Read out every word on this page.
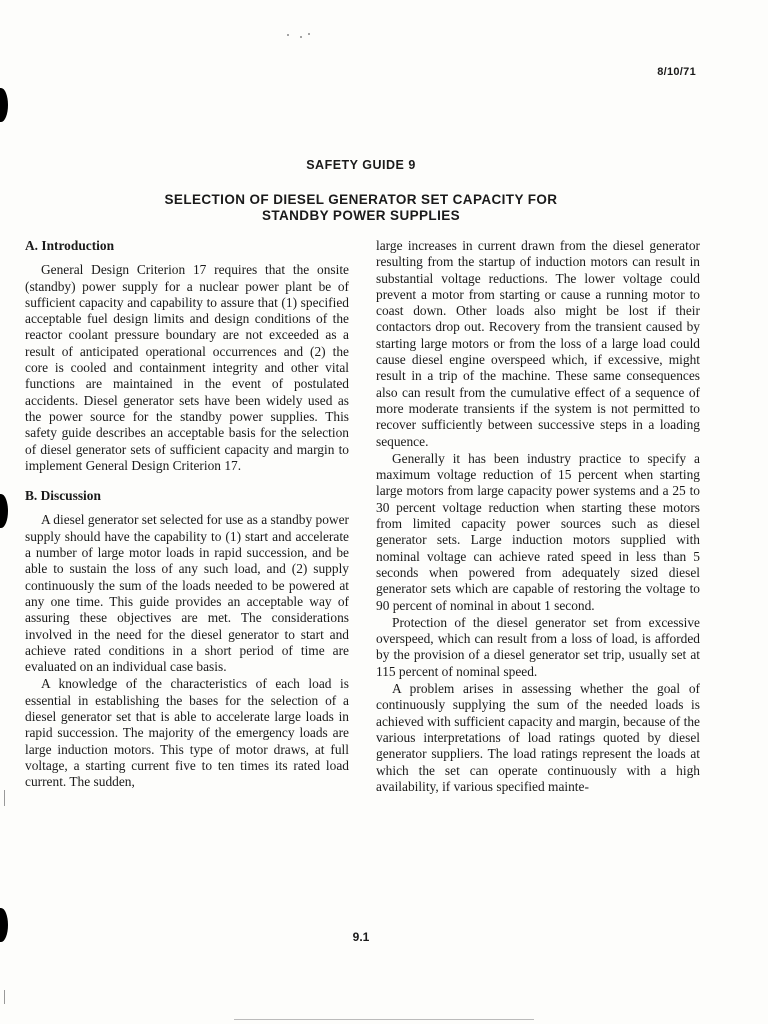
8/10/71
SAFETY GUIDE 9
SELECTION OF DIESEL GENERATOR SET CAPACITY FOR
STANDBY POWER SUPPLIES
A. Introduction

General Design Criterion 17 requires that the onsite (standby) power supply for a nuclear power plant be of sufficient capacity and capability to assure that (1) specified acceptable fuel design limits and design conditions of the reactor coolant pressure boundary are not exceeded as a result of anticipated operational occurrences and (2) the core is cooled and containment integrity and other vital functions are maintained in the event of postulated accidents. Diesel generator sets have been widely used as the power source for the standby power supplies. This safety guide describes an acceptable basis for the selection of diesel generator sets of sufficient capacity and margin to implement General Design Criterion 17.

B. Discussion

A diesel generator set selected for use as a standby power supply should have the capability to (1) start and accelerate a number of large motor loads in rapid succession, and be able to sustain the loss of any such load, and (2) supply continuously the sum of the loads needed to be powered at any one time. This guide provides an acceptable way of assuring these objectives are met. The considerations involved in the need for the diesel generator to start and achieve rated conditions in a short period of time are evaluated on an individual case basis.

A knowledge of the characteristics of each load is essential in establishing the bases for the selection of a diesel generator set that is able to accelerate large loads in rapid succession. The majority of the emergency loads are large induction motors. This type of motor draws, at full voltage, a starting current five to ten times its rated load current. The sudden,

large increases in current drawn from the diesel generator resulting from the startup of induction motors can result in substantial voltage reductions. The lower voltage could prevent a motor from starting or cause a running motor to coast down. Other loads also might be lost if their contactors drop out. Recovery from the transient caused by starting large motors or from the loss of a large load could cause diesel engine overspeed which, if excessive, might result in a trip of the machine. These same consequences also can result from the cumulative effect of a sequence of more moderate transients if the system is not permitted to recover sufficiently between successive steps in a loading sequence.

Generally it has been industry practice to specify a maximum voltage reduction of 15 percent when starting large motors from large capacity power systems and a 25 to 30 percent voltage reduction when starting these motors from limited capacity power sources such as diesel generator sets. Large induction motors supplied with nominal voltage can achieve rated speed in less than 5 seconds when powered from adequately sized diesel generator sets which are capable of restoring the voltage to 90 percent of nominal in about 1 second.

Protection of the diesel generator set from excessive overspeed, which can result from a loss of load, is afforded by the provision of a diesel generator set trip, usually set at 115 percent of nominal speed.

A problem arises in assessing whether the goal of continuously supplying the sum of the needed loads is achieved with sufficient capacity and margin, because of the various interpretations of load ratings quoted by diesel generator suppliers. The load ratings represent the loads at which the set can operate continuously with a high availability, if various specified mainte-

9.1
